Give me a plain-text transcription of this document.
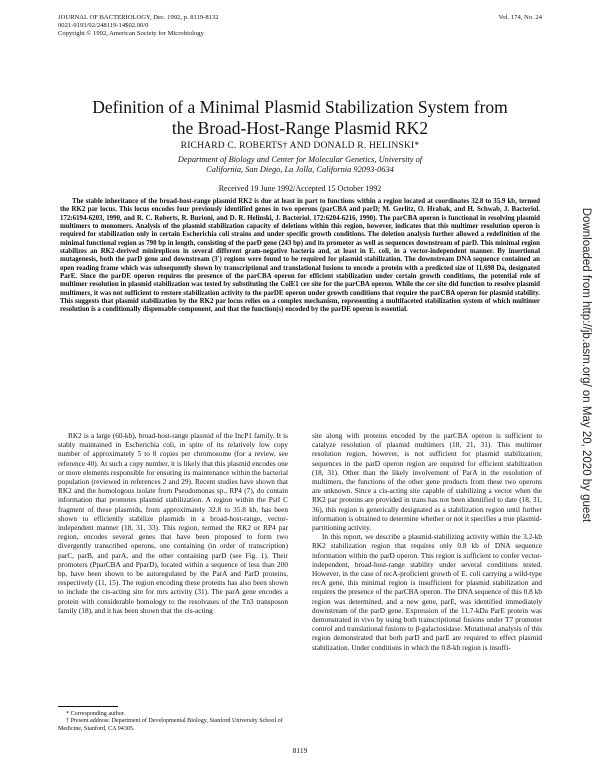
JOURNAL OF BACTERIOLOGY, Dec. 1992, p. 8119-8132
0021-9193/92/248119-14$02.00/0
Copyright © 1992, American Society for Microbiology
Vol. 174, No. 24
Definition of a Minimal Plasmid Stabilization System from
the Broad-Host-Range Plasmid RK2
RICHARD C. ROBERTS† AND DONALD R. HELINSKI*
Department of Biology and Center for Molecular Genetics, University of
California, San Diego, La Jolla, California 92093-0634
Received 19 June 1992/Accepted 15 October 1992
The stable inheritance of the broad-host-range plasmid RK2 is due at least in part to functions within a region located at coordinates 32.8 to 35.9 kb, termed the RK2 par locus. This locus encodes four previously identified genes in two operons (parCBA and parD; M. Gerlitz, O. Hrabak, and H. Schwab, J. Bacteriol. 172:6194-6203, 1990, and R. C. Roberts, R. Burioni, and D. R. Helinski, J. Bacteriol. 172:6204-6216, 1990). The parCBA operon is functional in resolving plasmid multimers to monomers. Analysis of the plasmid stabilization capacity of deletions within this region, however, indicates that this multimer resolution operon is required for stabilization only in certain Escherichia coli strains and under specific growth conditions. The deletion analysis further allowed a redefinition of the minimal functional region as 790 bp in length, consisting of the parD gene (243 bp) and its promoter as well as sequences downstream of parD. This minimal region stabilizes an RK2-derived minireplicon in several different gram-negative bacteria and, at least in E. coli, in a vector-independent manner. By insertional mutagenesis, both the parD gene and downstream (3') regions were found to be required for plasmid stabilization. The downstream DNA sequence contained an open reading frame which was subsequently shown by transcriptional and translational fusions to encode a protein with a predicted size of 11,698 Da, designated ParE. Since the parDE operon requires the presence of the parCBA operon for efficient stabilization under certain growth conditions, the potential role of multimer resolution in plasmid stabilization was tested by substituting the ColE1 cer site for the parCBA operon. While the cer site did function to resolve plasmid multimers, it was not sufficient to restore stabilization activity to the parDE operon under growth conditions that require the parCBA operon for plasmid stability. This suggests that plasmid stabilization by the RK2 par locus relies on a complex mechanism, representing a multifaceted stabilization system of which multimer resolution is a conditionally dispensable component, and that the function(s) encoded by the parDE operon is essential.

RK2 is a large (60-kb), broad-host-range plasmid of the IncP1 family. It is stably maintained in Escherichia coli, in spite of its relatively low copy number of approximately 5 to 8 copies per chromosome (for a review, see reference 40). At such a copy number, it is likely that this plasmid encodes one or more elements responsible for ensuring its maintenance within the bacterial population (reviewed in references 2 and 29). Recent studies have shown that RK2 and the homologous isolate from Pseudomonas sp., RP4 (7), do contain information that promotes plasmid stabilization. A region within the PstI C fragment of these plasmids, from approximately 32.8 to 35.8 kb, has been shown to efficiently stabilize plasmids in a broad-host-range, vector-independent manner (18, 31, 33). This region, termed the RK2 or RP4 par region, encodes several genes that have been proposed to form two divergently transcribed operons, one containing (in order of transcription) parC, parB, and parA, and the other containing parD (see Fig. 1). Their promoters (PparCBA and PparD), located within a sequence of less than 200 bp, have been shown to be autoregulated by the ParA and ParD proteins, respectively (11, 15). The region encoding these proteins has also been shown to include the cis-acting site for mrs activity (31). The parA gene encodes a protein with considerable homology to the resolvases of the Tn3 transposon family (18), and it has been shown that the cis-acting

site along with proteins encoded by the parCBA operon is sufficient to catalyze resolution of plasmid multimers (18, 21, 31). This multimer resolution region, however, is not sufficient for plasmid stabilization; sequences in the parD operon region are required for efficient stabilization (18, 31). Other than the likely involvement of ParA in the resolution of multimers, the functions of the other gene products from these two operons are unknown. Since a cis-acting site capable of stabilizing a vector when the RK2 par proteins are provided in trans has not been identified to date (18, 31, 36), this region is generically designated as a stabilization region until further information is obtained to determine whether or not it specifies a true plasmid-partitioning activity.

In this report, we describe a plasmid-stabilizing activity within the 3.2-kb RK2 stabilization region that requires only 0.8 kb of DNA sequence information within the parD operon. This region is sufficient to confer vector-independent, broad-host-range stability under several conditions tested. However, in the case of recA-proficient growth of E. coli carrying a wild-type recA gene, this minimal region is insufficient for plasmid stabilization and requires the presence of the parCBA operon. The DNA sequence of this 0.8 kb region was determined, and a new gene, parE, was identified immediately downstream of the parD gene. Expression of the 11.7-kDa ParE protein was demonstrated in vivo by using both transcriptional fusions under T7 promoter control and translational fusions to β-galactosidase. Mutational analysis of this region demonstrated that both parD and parE are required to effect plasmid stabilization. Under conditions in which the 0.8-kb region is insuffi-

* Corresponding author.

† Present address: Department of Developmental Biology, Stanford University School of Medicine, Stanford, CA 94305.

8119
Downloaded from http://jb.asm.org/ on May 20, 2020 by guest
